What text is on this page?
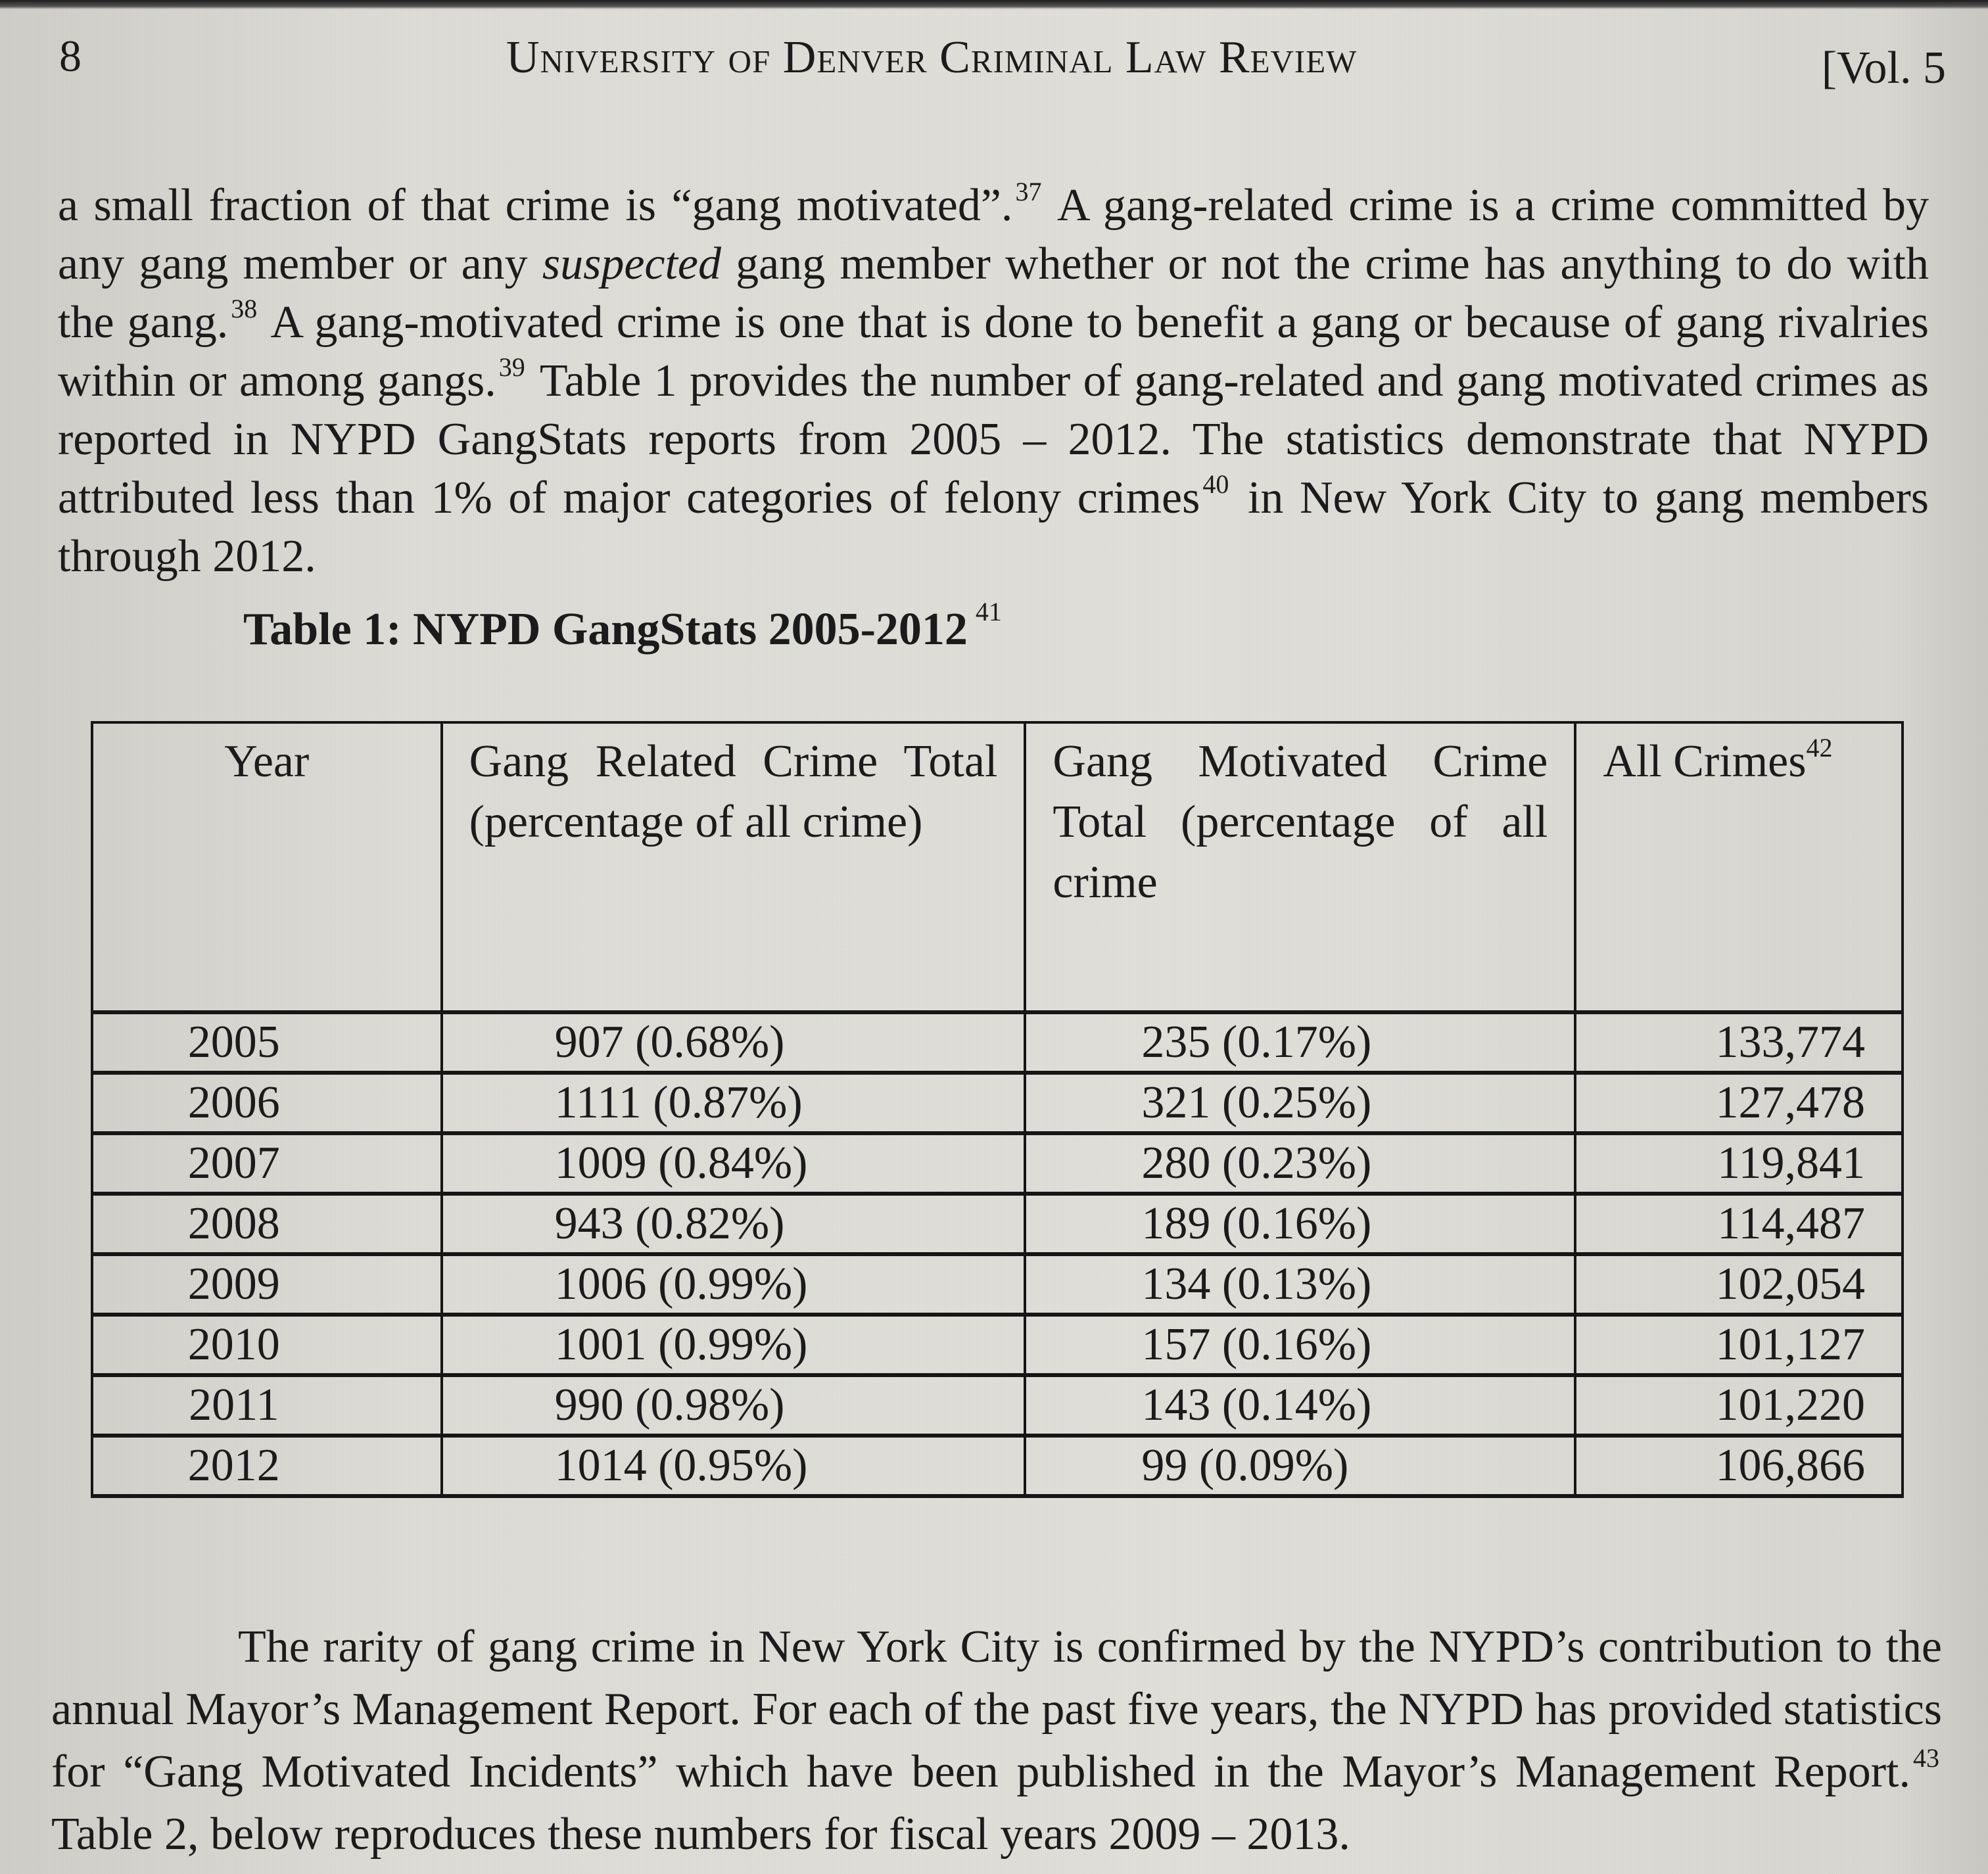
8	University of Denver Criminal Law Review	[Vol. 5

a small fraction of that crime is “gang motivated”. $^{37}$ A gang-related crime is a crime committed by any gang member or any suspected gang member whether or not the crime has anything to do with the gang. $^{38}$ A gang-motivated crime is one that is done to benefit a gang or because of gang rivalries within or among gangs. $^{39}$ Table 1 provides the number of gang-related and gang motivated crimes as reported in NYPD GangStats reports from 2005 – 2012. The statistics demonstrate that NYPD attributed less than 1% of major categories of felony crimes $^{40}$ in New York City to gang members through 2012.

Table 1: NYPD GangStats 2005-2012 $^{41}$
Year	Gang Related Crime Total (percentage of all crime)	Gang Motivated Crime Total (percentage of all crime	All Crimes$^{42}$
2005	907 (0.68%)	235 (0.17%)	133,774
2006	1111 (0.87%)	321 (0.25%)	127,478
2007	1009 (0.84%)	280 (0.23%)	119,841
2008	943 (0.82%)	189 (0.16%)	114,487
2009	1006 (0.99%)	134 (0.13%)	102,054
2010	1001 (0.99%)	157 (0.16%)	101,127
2011	990 (0.98%)	143 (0.14%)	101,220
2012	1014 (0.95%)	99 (0.09%)	106,866

The rarity of gang crime in New York City is confirmed by the NYPD’s contribution to the annual Mayor’s Management Report. For each of the past five years, the NYPD has provided statistics for “Gang Motivated Incidents” which have been published in the Mayor’s Management Report. $^{43}$ Table 2, below reproduces these numbers for fiscal years 2009 – 2013.
